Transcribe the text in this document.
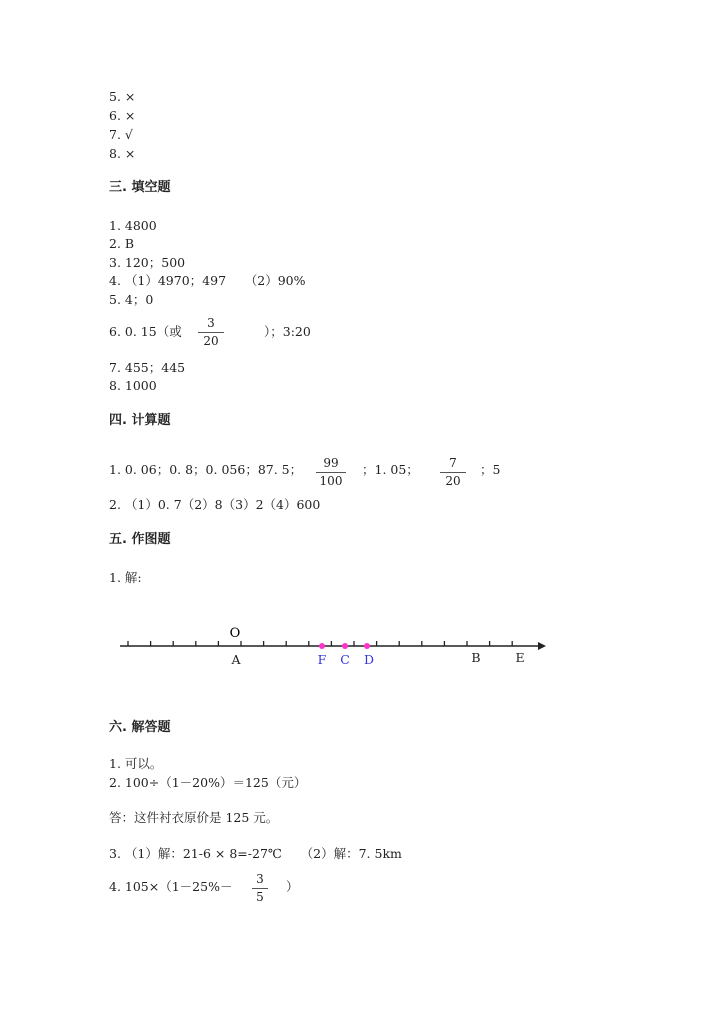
5. ×
6. ×
7. √
8. ×
三. 填空题
1. 4800
2. B
3. 120；500
4. （1）4970；497　　（2）90%
5. 4；0
6. 0. 15（或
3
20
）；3:20
7. 455；445
8. 1000
四. 计算题
1. 0. 06；0. 8；0. 056；87. 5；	99
100
；1. 05；	7
20
；5
2. （1）0. 7（2）8（3）2（4）600
五. 作图题
1. 解:
O
A	F C D	B	E
六. 解答题
1. 可以。
2. 100÷（1－20%）＝125（元）
答：这件衬衣原价是 125 元。
3. （1）解：21-6 × 8=-27℃　　（2）解：7. 5km
4. 105×（1－25%－	3
5
）
